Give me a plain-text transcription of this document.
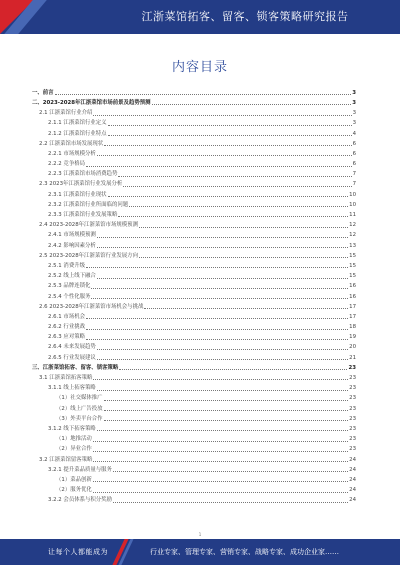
江浙菜馆拓客、留客、锁客策略研究报告
内容目录
一、前言	3
二、2023-2028年江浙菜馆市场前景及趋势预测	3
2.1 江浙菜馆行业介绍	3
2.1.1 江浙菜馆行业定义	3
2.1.2 江浙菜馆行业特点	4
2.2 江浙菜馆市场发展现状	6
2.2.1 市场规模分析	6
2.2.2 竞争格局	6
2.2.3 江浙菜馆市场消费趋势	7
2.3 2023年江浙菜馆行业发展分析	7
2.3.1 江浙菜馆行业现状	10
2.3.2 江浙菜馆行业所面临的问题	10
2.3.3 江浙菜馆行业发展策略	11
2.4 2023-2028年江浙菜馆市场规模预测	12
2.4.1 市场规模预测	12
2.4.2 影响因素分析	13
2.5 2023-2028年江浙菜馆行业发展方向	15
2.5.1 消费升级	15
2.5.2 线上线下融合	15
2.5.3 品牌连锁化	16
2.5.4 个性化服务	16
2.6 2023-2028年江浙菜馆市场机会与挑战	17
2.6.1 市场机会	17
2.6.2 行业挑战	18
2.6.3 应对策略	19
2.6.4 未来发展趋势	20
2.6.5 行业发展建议	21
三、江浙菜馆拓客、留客、锁客策略	23
3.1 江浙菜馆拓客策略	23
3.1.1 线上拓客策略	23
（1）社交媒体推广	23
（2）线上广告投放	23
（3）外卖平台合作	23
3.1.2 线下拓客策略	23
（1）地推活动	23
（2）异业合作	23
3.2 江浙菜馆留客策略	24
3.2.1 提升菜品质量与服务	24
（1）菜品创新	24
（2）服务优化	24
3.2.2 会员体系与积分奖励	24
1
让每个人都能成为	行业专家、管理专家、营销专家、战略专家、成功企业家……
